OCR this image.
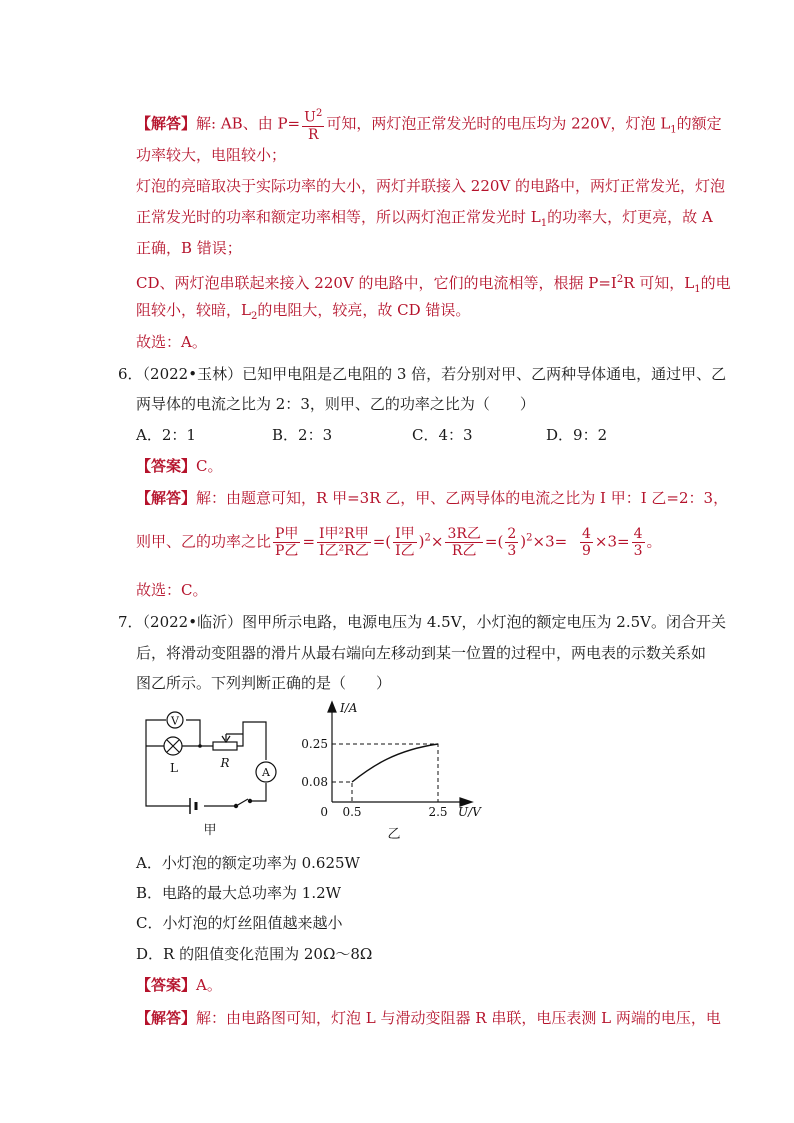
【解答】解: AB、由 $P= \frac{U^2}{R}$ 可知，两灯泡正常发光时的电压均为 220V，灯泡 $L_1$的额定
功率较大，电阻较小；
灯泡的亮暗取决于实际功率的大小，两灯并联接入 220V 的电路中，两灯正常发光，灯泡
正常发光时的功率和额定功率相等，所以两灯泡正常发光时 $L_1$的功率大，灯更亮，故 A
正确，B 错误；
CD、两灯泡串联起来接入 220V 的电路中，它们的电流相等，根据 $P=I^2R$ 可知，$L_1$的电
阻较小，较暗，$L_2$的电阻大，较亮，故 CD 错误。
故选：A。
6．（2022•玉林）已知甲电阻是乙电阻的 3 倍，若分别对甲、乙两种导体通电，通过甲、乙
两导体的电流之比为 2：3，则甲、乙的功率之比为（　　）
A．2：1	B．2：3	C．4：3	D．9：2
【答案】C。
【解答】解：由题意可知，R 甲=3R 乙，甲、乙两导体的电流之比为 I 甲：I 乙=2：3，
则甲、乙的功率之比 $\frac{\text{P甲}}{\text{P乙}} = \frac{\text{I甲²R甲}}{\text{I乙²R乙}}$ =( $\frac{\text{I甲}}{\text{I乙}} )^2\times \frac{\text{3R乙}}{\text{R乙}}$ =( $\frac{2}{3} )^2\times 3= \frac{4}{9} \times 3= \frac{4}{3}$ 。
故选：C。
7．（2022•临沂）图甲所示电路，电源电压为 4.5V，小灯泡的额定电压为 2.5V。闭合开关
后，将滑动变阻器的滑片从最右端向左移动到某一位置的过程中，两电表的示数关系如
图乙所示。下列判断正确的是（　　）
V
A
L	R
甲
I/A
U/V
0.25
0.08
0 0.5	2.5
乙
A．小灯泡的额定功率为 0.625W
B．电路的最大总功率为 1.2W
C．小灯泡的灯丝阻值越来越小
D．R 的阻值变化范围为 20Ω～8Ω
【答案】A。
【解答】解：由电路图可知，灯泡 L 与滑动变阻器 R 串联，电压表测 L 两端的电压，电
